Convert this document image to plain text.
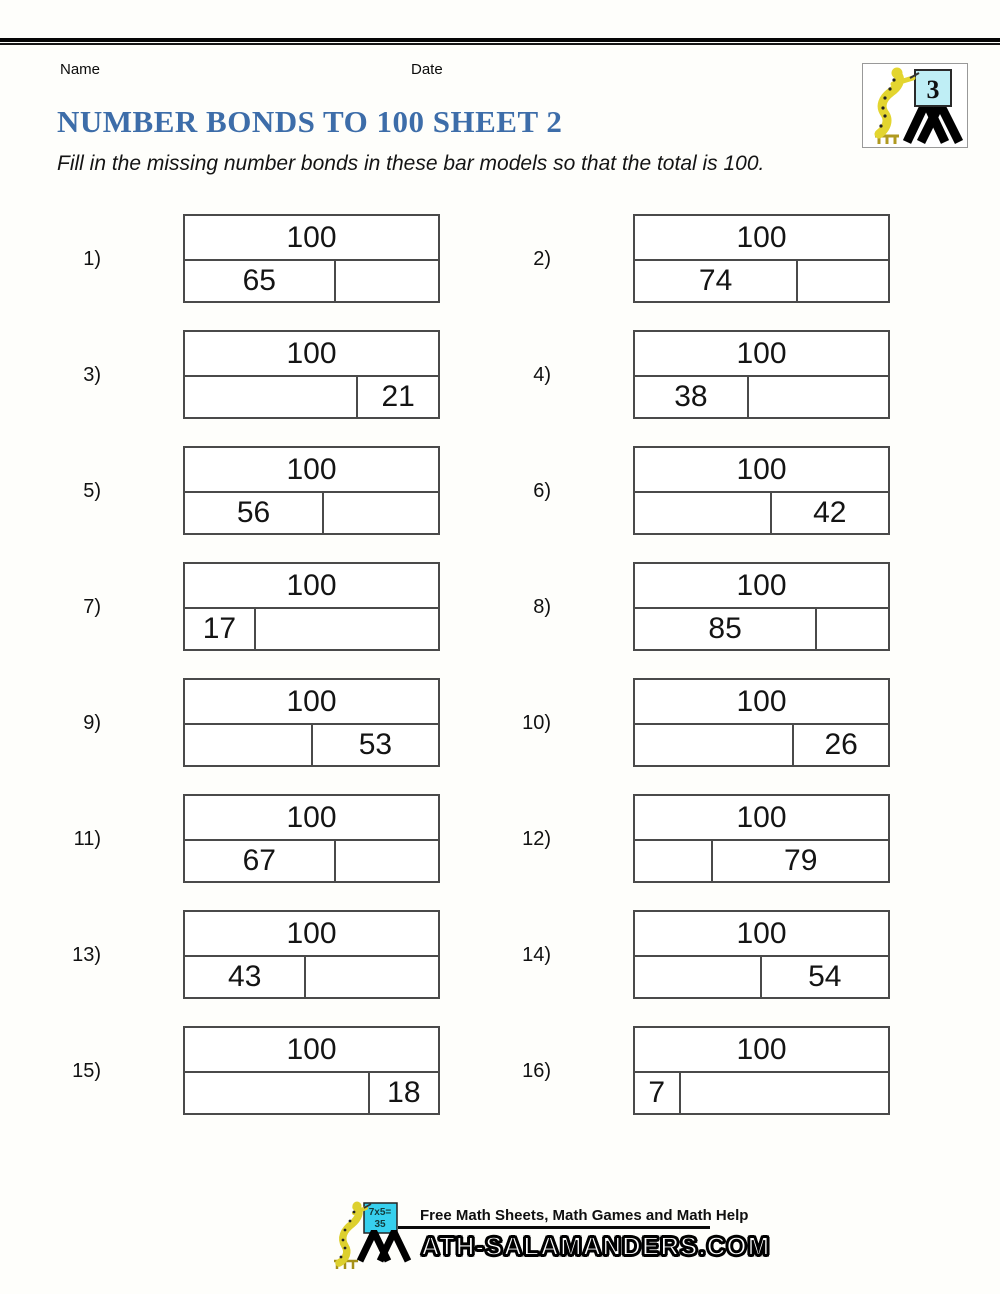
Name	Date
3
NUMBER BONDS TO 100 SHEET 2
Fill in the missing number bonds in these bar models so that the total is 100.
1)
100
65
2)
100
74
3)
100
21
4)
100
38
5)
100
56
6)
100
42
7)
100
17
8)
100
85
9)
100
53
10)
100
26
11)
100
67
12)
100
79
13)
100
43
14)
100
54
15)
100
18
16)
100
7
7x5=
35
Free Math Sheets, Math Games and Math Help
ATH-SALAMANDERS.COM
